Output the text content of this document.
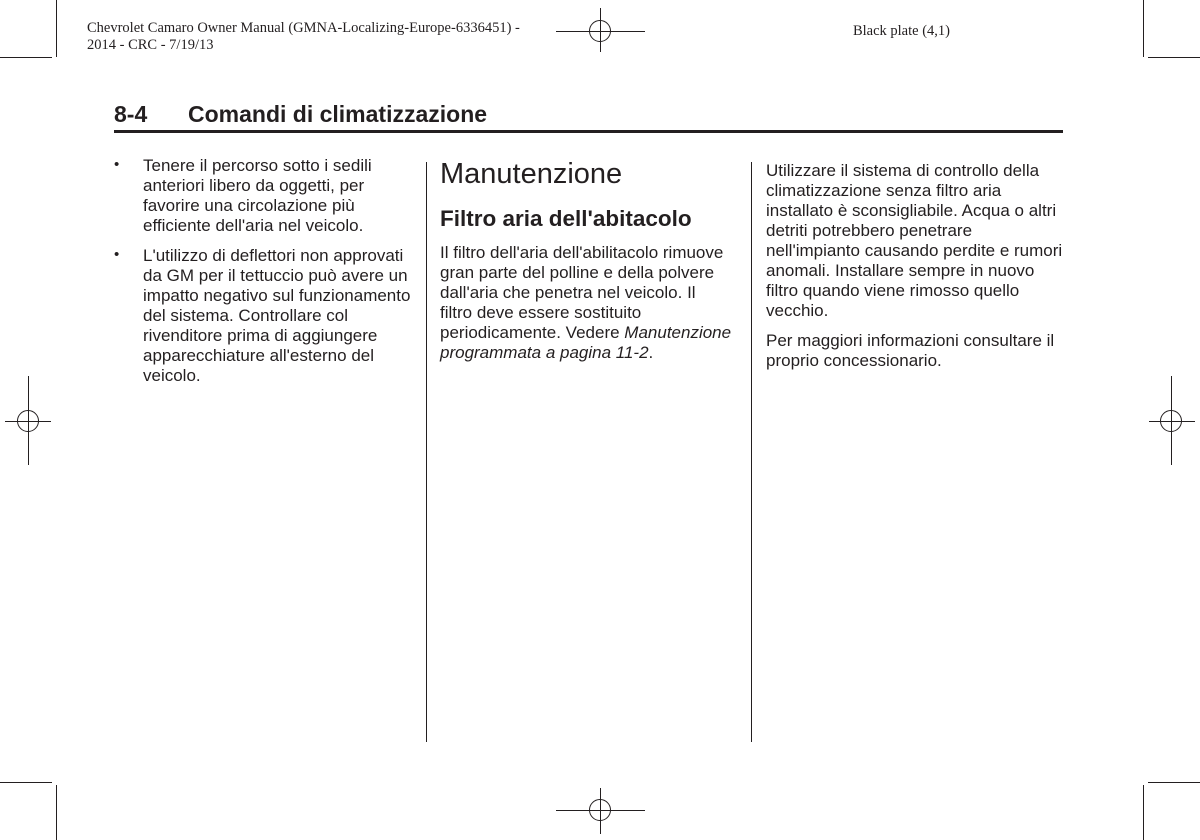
Chevrolet Camaro Owner Manual (GMNA-Localizing-Europe-6336451) -
2014 - CRC - 7/19/13
Black plate (4,1)
8-4 Comandi di climatizzazione
• Tenere il percorso sotto i sedili anteriori libero da oggetti, per favorire una circolazione più efficiente dell'aria nel veicolo.
• L'utilizzo di deflettori non approvati da GM per il tettuccio può avere un impatto negativo sul funzionamento del sistema. Controllare col rivenditore prima di aggiungere apparecchiature all'esterno del veicolo.
Manutenzione
Filtro aria dell'abitacolo

Il filtro dell'aria dell'abilitacolo rimuove gran parte del polline e della polvere dall'aria che penetra nel veicolo. Il filtro deve essere sostituito periodicamente. Vedere Manutenzione programmata a pagina 11-2.

Utilizzare il sistema di controllo della climatizzazione senza filtro aria installato è sconsigliabile. Acqua o altri detriti potrebbero penetrare nell'impianto causando perdite e rumori anomali. Installare sempre in nuovo filtro quando viene rimosso quello vecchio.

Per maggiori informazioni consultare il proprio concessionario.
